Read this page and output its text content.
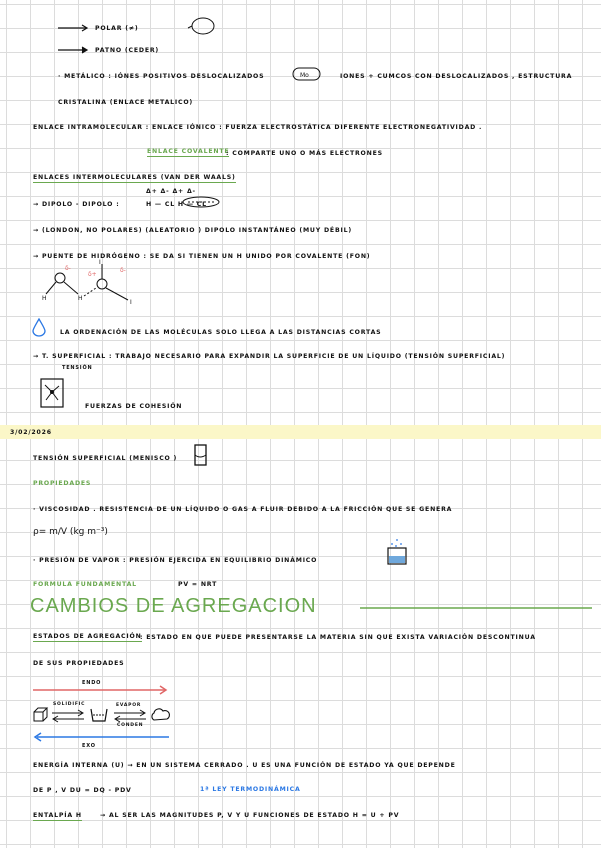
POLAR (≠)
PATNO (CEDER)
· METÁLICO : IÓNES POSITIVOS DESLOCALIZADOS	Mo	IONES + CUMCOS CON DESLOCALIZADOS , ESTRUCTURA
CRISTALINA (ENLACE METALICO)
ENLACE INTRAMOLECULAR : ENLACE IÓNICO : FUERZA ELECTROSTÁTICA DIFERENTE ELECTRONEGATIVIDAD .
ENLACE COVALENTE
: COMPARTE UNO O MÁS ELECTRONES
ENLACES INTERMOLECULARES (VAN DER WAALS)
→ DIPOLO - DIPOLO :
Δ+ Δ- Δ+ Δ-
H — CL H — CL
→ (LONDON, NO POLARES) (ALEATORIO ) DIPOLO INSTANTÁNEO (MUY DÉBIL)
→ PUENTE DE HIDRÓGENO : SE DA SI TIENEN UN H UNIDO POR COVALENTE (FON)
H	H
δ-
I
I
δ+
δ-
LA ORDENACIÓN DE LAS MOLÉCULAS SOLO LLEGA A LAS DISTANCIAS CORTAS
→ T. SUPERFICIAL : TRABAJO NECESARIO PARA EXPANDIR LA SUPERFICIE DE UN LÍQUIDO (TENSIÓN SUPERFICIAL)
TENSIÓN
FUERZAS DE COHESIÓN
3/02/2026
TENSIÓN SUPERFICIAL (MENISCO )
PROPIEDADES
· VISCOSIDAD . RESISTENCIA DE UN LÍQUIDO O GAS A FLUIR DEBIDO A LA FRICCIÓN QUE SE GENERA
ρ= m/V (kg m⁻³)
· PRESIÓN DE VAPOR : PRESIÓN EJERCIDA EN EQUILIBRIO DINÁMICO
FORMULA FUNDAMENTAL	PV = NRT
CAMBIOS DE AGREGACION
ESTADOS DE AGREGACIÓN
: ESTADO EN QUE PUEDE PRESENTARSE LA MATERIA SIN QUE EXISTA VARIACIÓN DESCONTINUA
DE SUS PROPIEDADES
ENDO
SOLIDIFIC	EVAPOR
CONDEN
EXO
ENERGÍA INTERNA (U) → EN UN SISTEMA CERRADO . U ES UNA FUNCIÓN DE ESTADO YA QUE DEPENDE
DE P , V DU = DQ - PDV	1ª LEY TERMODINÁMICA
ENTALPÍA H	→ AL SER LAS MAGNITUDES P, V Y U FUNCIONES DE ESTADO H = U + PV
